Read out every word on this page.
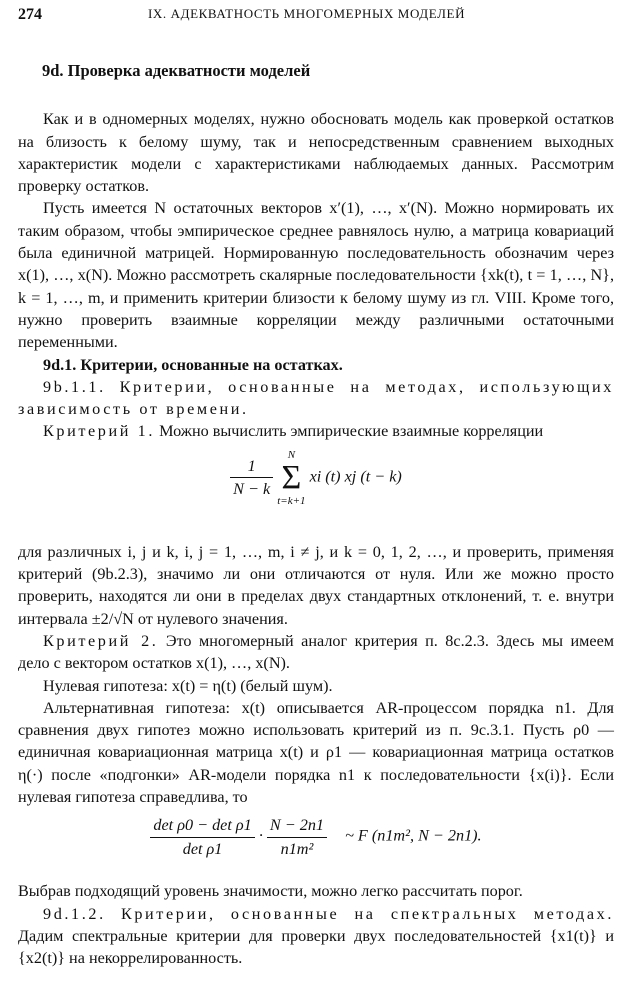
274	IX. АДЕКВАТНОСТЬ МНОГОМЕРНЫХ МОДЕЛЕЙ

9d. Проверка адекватности моделей

Как и в одномерных моделях, нужно обосновать модель как проверкой остатков на близость к белому шуму, так и непосредственным сравнением выходных характеристик модели с характеристиками наблюдаемых данных. Рассмотрим проверку остатков.

Пусть имеется N остаточных векторов x′(1), …, x′(N). Можно нормировать их таким образом, чтобы эмпирическое среднее равнялось нулю, а матрица ковариаций была единичной матрицей. Нормированную последовательность обозначим через x(1), …, x(N). Можно рассмотреть скалярные последовательности {xk(t), t = 1, …, N}, k = 1, …, m, и применить критерии близости к белому шуму из гл. VIII. Кроме того, нужно проверить взаимные корреляции между различными остаточными переменными.

9d.1. Критерии, основанные на остатках.

9b.1.1. Критерии, основанные на методах, использующих зависимость от времени.

Критерий 1. Можно вычислить эмпирические взаимные корреляции

$\frac{1}{N - k}$

N
Σ
t=k+1
xi (t) xj (t − k)

для различных i, j и k, i, j = 1, …, m, i ≠ j, и k = 0, 1, 2, …, и проверить, применяя критерий (9b.2.3), значимо ли они отличаются от нуля. Или же можно просто проверить, находятся ли они в пределах двух стандартных отклонений, т. е. внутри интервала ±2/√N от нулевого значения.

Критерий 2. Это многомерный аналог критерия п. 8c.2.3. Здесь мы имеем дело с вектором остатков x(1), …, x(N).

Нулевая гипотеза: x(t) = η(t) (белый шум).

Альтернативная гипотеза: x(t) описывается AR-процессом порядка n1. Для сравнения двух гипотез можно использовать критерий из п. 9c.3.1. Пусть ρ0 — единичная ковариационная матрица x(t) и ρ1 — ковариационная матрица остатков η(·) после «подгонки» AR-модели порядка n1 к последовательности {x(i)}. Если нулевая гипотеза справедлива, то

$\frac{\text{det ρ0 − det ρ1}}{\text{det ρ1}} \cdot \frac{N - 2n1}{\text{n1m²}}$ ~ F (n1m², N − 2n1).

Выбрав подходящий уровень значимости, можно легко рассчитать порог.

9d.1.2. Критерии, основанные на спектральных методах. Дадим спектральные критерии для проверки двух последовательностей {x1(t)} и {x2(t)} на некоррелированность.
